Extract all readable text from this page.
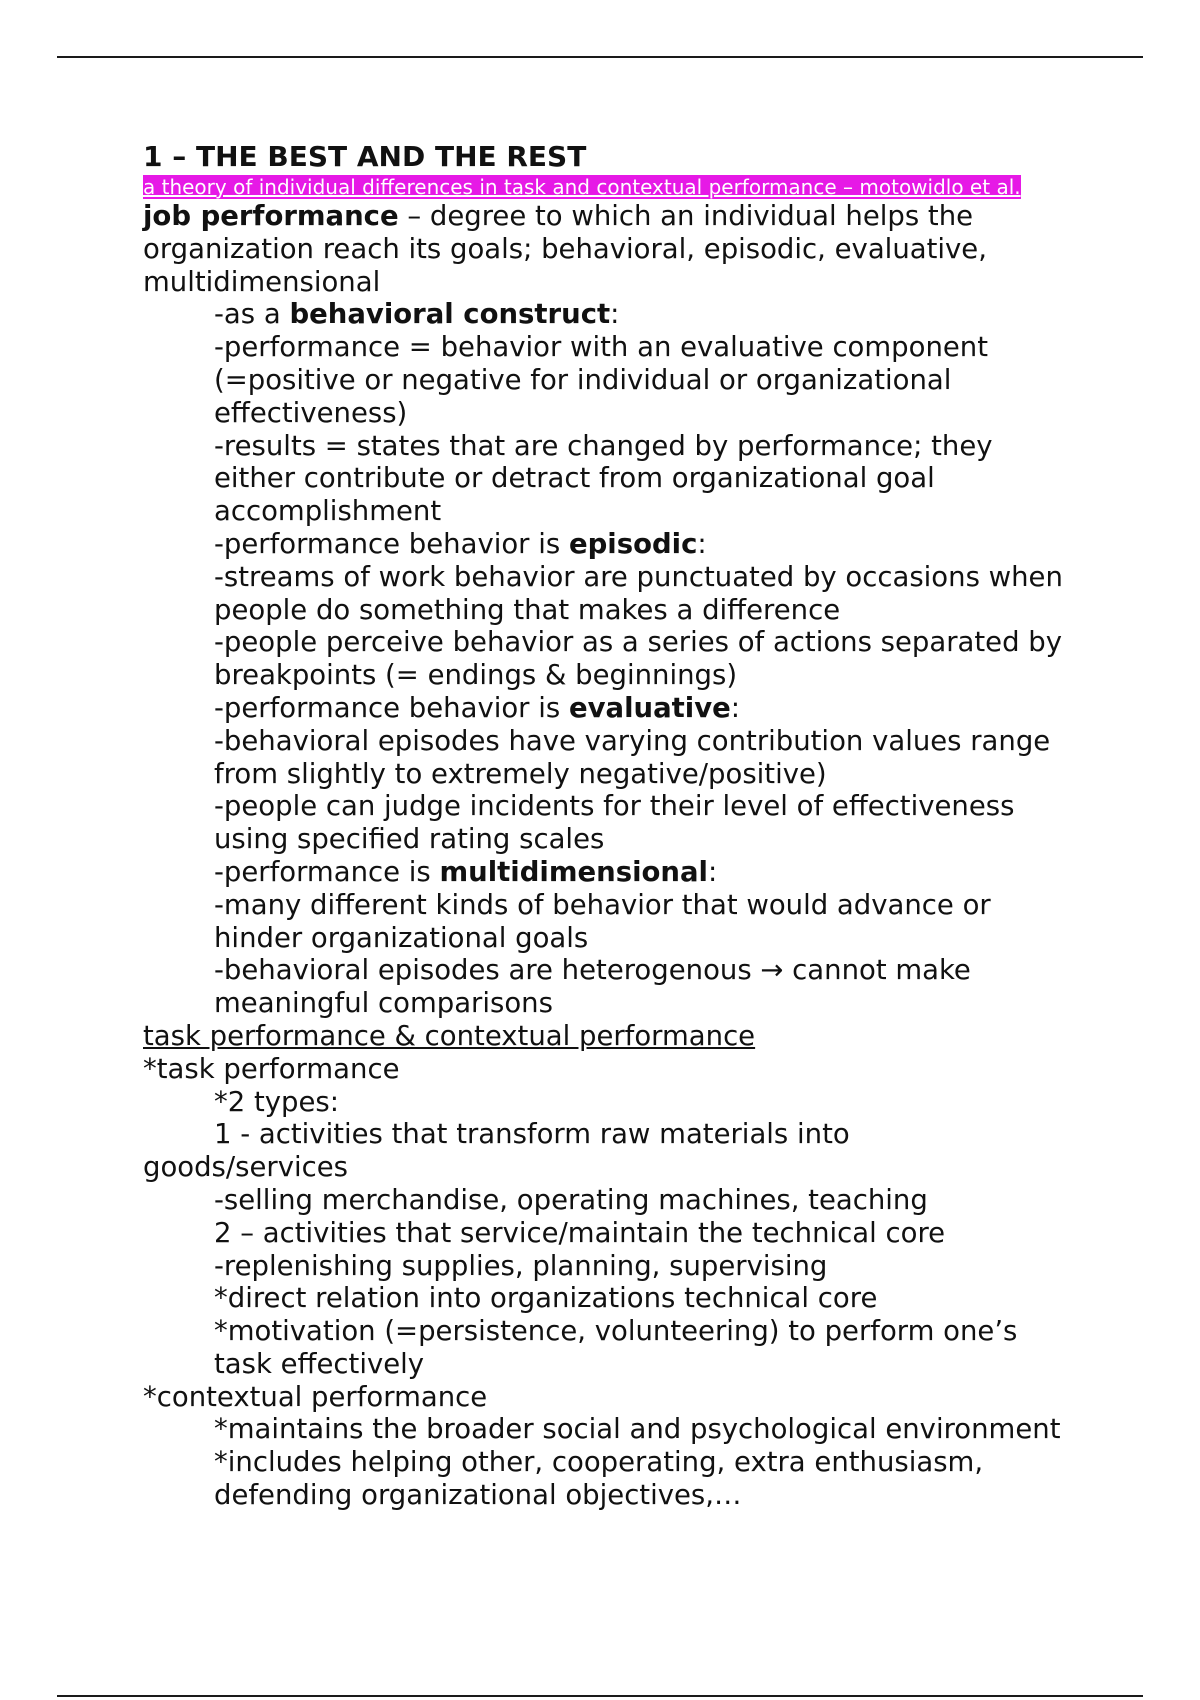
1 – THE BEST AND THE REST

a theory of individual differences in task and contextual performance – motowidlo et al.

job performance – degree to which an individual helps the organization reach its goals; behavioral, episodic, evaluative, multidimensional

-as a behavioral construct:

-performance = behavior with an evaluative component (=positive or negative for individual or organizational effectiveness)

-results = states that are changed by performance; they either contribute or detract from organizational goal accomplishment

-performance behavior is episodic:

-streams of work behavior are punctuated by occasions when people do something that makes a difference

-people perceive behavior as a series of actions separated by breakpoints (= endings & beginnings)

-performance behavior is evaluative:

-behavioral episodes have varying contribution values range from slightly to extremely negative/positive)

-people can judge incidents for their level of effectiveness using specified rating scales

-performance is multidimensional:

-many different kinds of behavior that would advance or hinder organizational goals

-behavioral episodes are heterogenous → cannot make meaningful comparisons

task performance & contextual performance

*task performance

*2 types:

1 - activities that transform raw materials into goods/services

-selling merchandise, operating machines, teaching

2 – activities that service/maintain the technical core

-replenishing supplies, planning, supervising

*direct relation into organizations technical core

*motivation (=persistence, volunteering) to perform one’s task effectively

*contextual performance

*maintains the broader social and psychological environment

*includes helping other, cooperating, extra enthusiasm, defending organizational objectives,…
